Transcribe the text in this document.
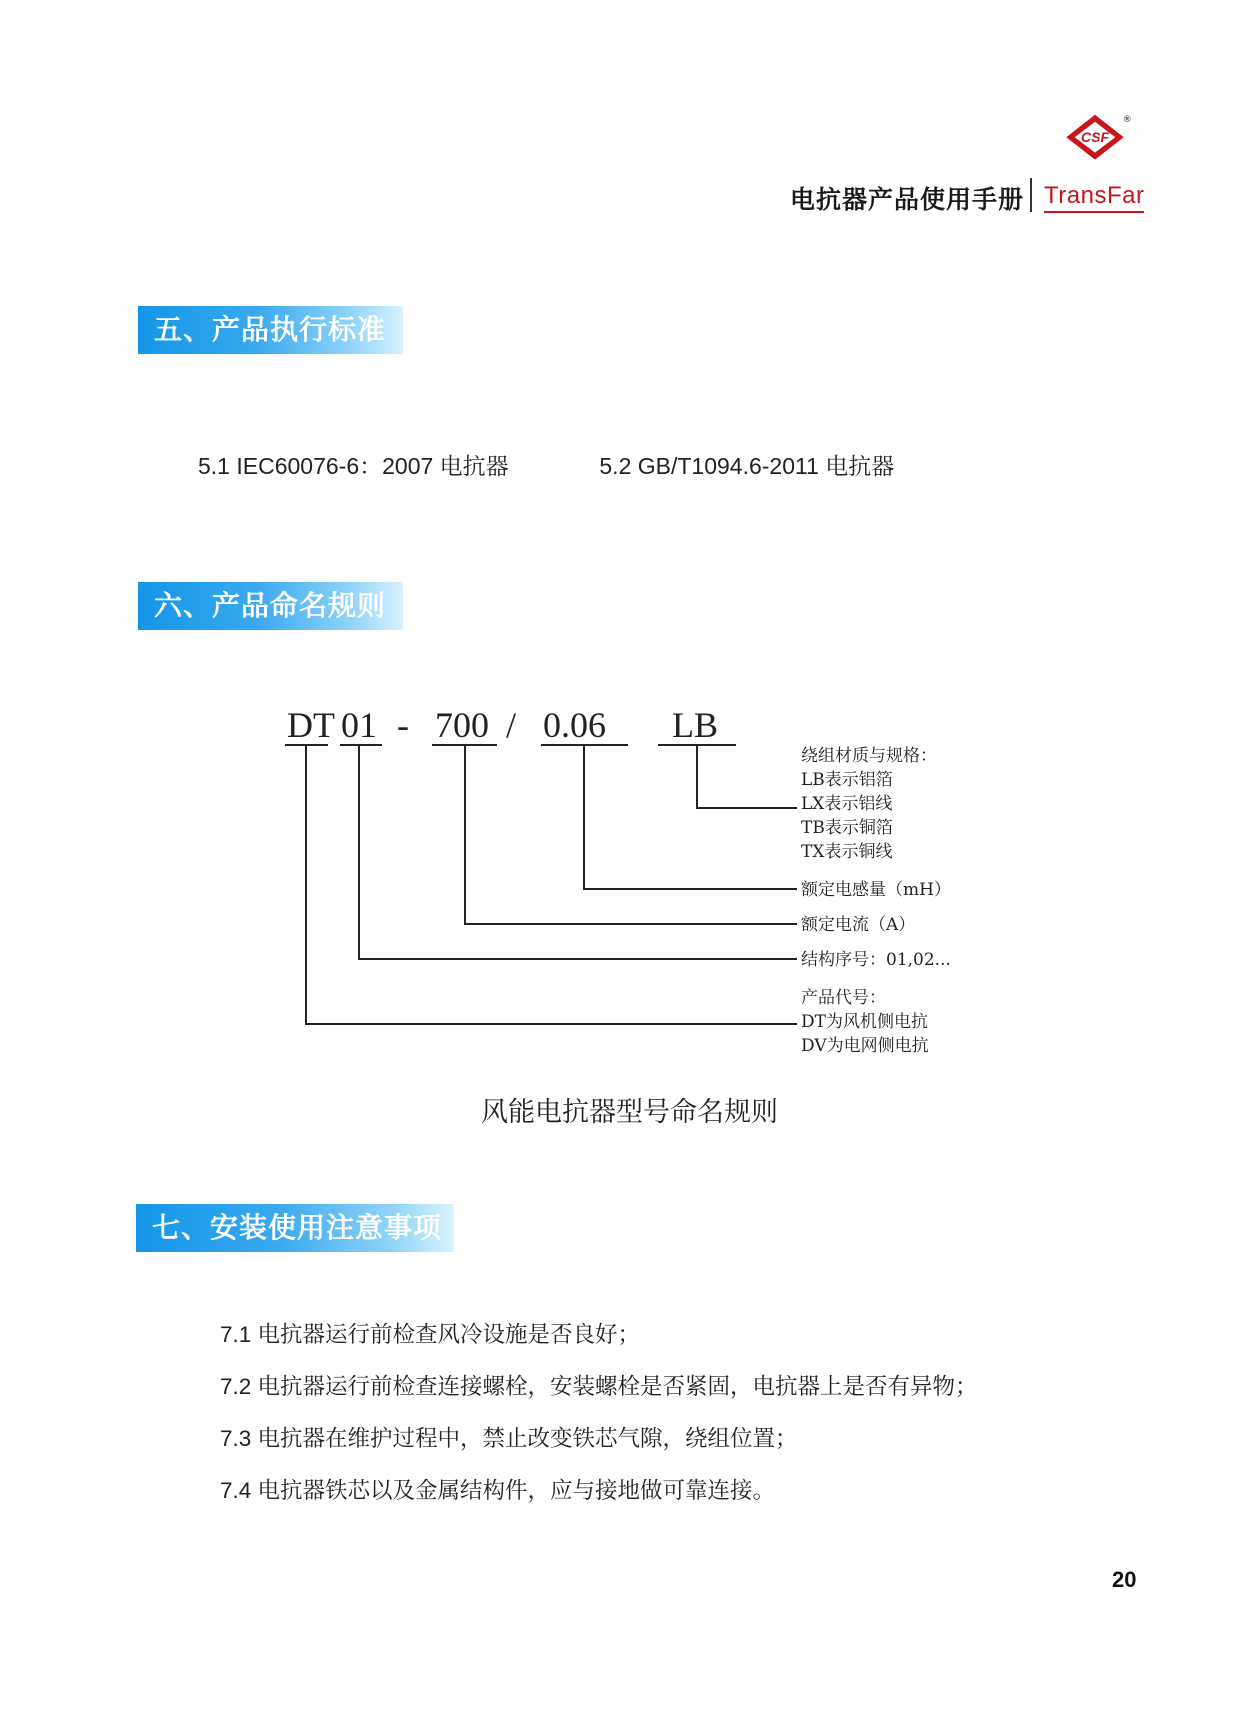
电抗器产品使用手册
CSF
®
TransFar
五、产品执行标准
5.1 IEC60076-6：2007 电抗器	5.2 GB/T1094.6-2011 电抗器
六、产品命名规则
DT 01 - 700 / 0.06 LB
绕组材质与规格：
LB表示铝箔
LX表示铝线
TB表示铜箔
TX表示铜线
额定电感量（mH）
额定电流（A）
结构序号：01,02...
产品代号：
DT为风机侧电抗
DV为电网侧电抗
风能电抗器型号命名规则
七、安装使用注意事项
7.1 电抗器运行前检查风冷设施是否良好；
7.2 电抗器运行前检查连接螺栓，安装螺栓是否紧固，电抗器上是否有异物；
7.3 电抗器在维护过程中，禁止改变铁芯气隙，绕组位置；
7.4 电抗器铁芯以及金属结构件，应与接地做可靠连接。
20
